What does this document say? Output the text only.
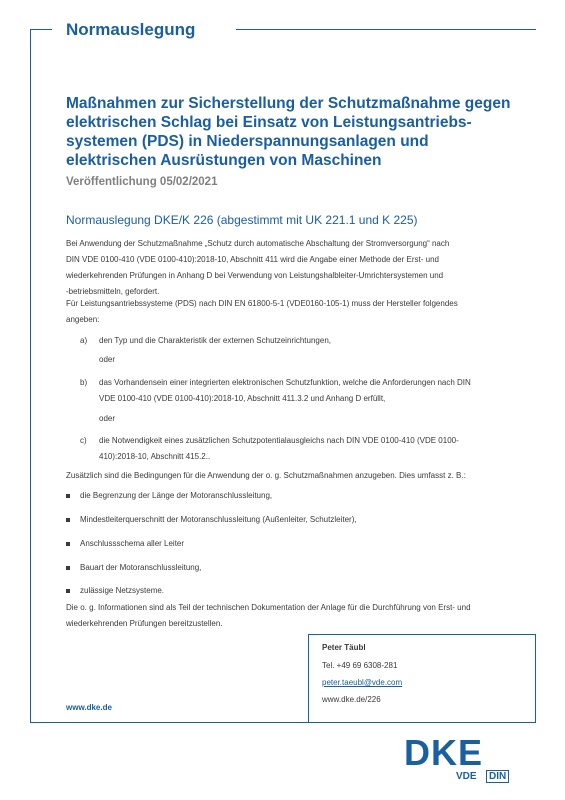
Normauslegung
Maßnahmen zur Sicherstellung der Schutzmaßnahme gegen
elektrischen Schlag bei Einsatz von Leistungsantriebs-
systemen (PDS) in Niederspannungsanlagen und
elektrischen Ausrüstungen von Maschinen
Veröffentlichung 05/02/2021
Normauslegung DKE/K 226 (abgestimmt mit UK 221.1 und K 225)
Bei Anwendung der Schutzmaßnahme „Schutz durch automatische Abschaltung der Stromversorgung“ nach
DIN VDE 0100-410 (VDE 0100-410):2018-10, Abschnitt 411 wird die Angabe einer Methode der Erst- und
wiederkehrenden Prüfungen in Anhang D bei Verwendung von Leistungshalbleiter-Umrichtersystemen und
-betriebsmitteln, gefordert.
Für Leistungsantriebssysteme (PDS) nach DIN EN 61800-5-1 (VDE0160-105-1) muss der Hersteller folgendes
angeben:
a) den Typ und die Charakteristik der externen Schutzeinrichtungen,
oder
b) das Vorhandensein einer integrierten elektronischen Schutzfunktion, welche die Anforderungen nach DIN
VDE 0100-410 (VDE 0100-410):2018-10, Abschnitt 411.3.2 und Anhang D erfüllt,
oder
c) die Notwendigkeit eines zusätzlichen Schutzpotentialausgleichs nach DIN VDE 0100-410 (VDE 0100-
410):2018-10, Abschnitt 415.2..
Zusätzlich sind die Bedingungen für die Anwendung der o. g. Schutzmaßnahmen anzugeben. Dies umfasst z. B.:
die Begrenzung der Länge der Motoranschlussleitung,
Mindestleiterquerschnitt der Motoranschlussleitung (Außenleiter, Schutzleiter),
Anschlussschema aller Leiter
Bauart der Motoranschlussleitung,
zulässige Netzsysteme.
Die o. g. Informationen sind als Teil der technischen Dokumentation der Anlage für die Durchführung von Erst- und
wiederkehrenden Prüfungen bereitzustellen.
Peter Täubl
Tel. +49 69 6308-281
peter.taeubl@vde.com
www.dke.de/226
www.dke.de
DKE
VDE	DIN
